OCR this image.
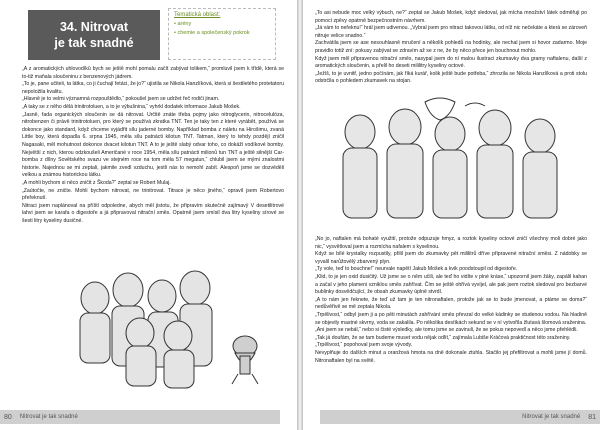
34. Nitrovat
je tak snadné
Tematická oblast:
• arény
• chemie a společenský pokrok

„A z aromatických uhlovodíků bych se ještě mohl pomalu začít zabývat tolikem,“ promluvil jsem k třídě, která se to-tiž maňala sloučeninu z benzenových jádrem.

„To je, pane učiteli, ta látka, co ji čuchají fetáci, že jo?“ ujistila se Nikola Hanzlíková, která si šestiletého protetatoru nepoložila kvalitu.

„Hlavně je to velmi významná rozpouštědlo,“ pokoušel jsem se udržet řeč rodiči jinam.

„A taky se z něho dělá trinitrotoluen, a to je výbušnina,“ vyhrkl dodatek informace Jakub Mošek.

„Jasně, řada organických sloučenin se dá nitrovat. Určitě znáte třeba pojmy jako nitroglycerin, nitrocelulóza, nitrobenzen či právě trinitrotoluen, pro který se používá zkratka TNT. Ten je taky ten z které vyrábět, používá se dokonce jako standard, když chceme vyjádřit sílu jaderné bomby. Například bomba z náletu na Hirošimu, zvaná Little boy, která dopadla 6. srpna 1945, měla sílu patnácti kilotun TNT. Tatman, který to tehdy pozdějí zničil Nagasaki, měl mohutnost dokonce dvacet kilotun TNT. A to je ještě slabý odvar toho, co dokáží vodíkové bomby. Největší z nich, kterou odzkoušeli Američané v roce 1954, měla sílu patnácti milionů tun TNT a ještě silnější Car-bomba z dílny Sovětského svazu ve stejném roce na tom měla 57 megatun,“ chlubil jsem se mými znalostmi historie. Najednou se mi zeptali, jakmile zvedl vzduchu, jestli nás to nemohl zabít. Alespoň jsme se dozvěděli velkou a známou historickou látku.

„A mohli bychom si něco zničit z Škoda?“ zeptal se Robert Mulaj.

„Zaútočte, ne zničte. Mohli bychom nitrovat, ne trinitrovat. Titrace je něco jiného,“ opravil jsem Robertovo přeřeknutí.

Nitraci jsem naplánoval na příští odpoledne, abych měl jistotu, že připravím skutečně zajímavý V desetilitrové lahvi jsem se karafa o digestoře a já připravoval nitrační směs. Opatrně jsem smísil dva litry kyseliny sírové se šesti litry kyseliny dusičné.

80	Nitrovat je tak snadné

„To asi nebude moc velký výbuch, ne?“ zeptal se Jakub Mošek, když sledoval, jak mícha množství látek odměřuji po pomocí zpěvy opatrně bezpečnostním návrhem.

„Já vám to neřeknu!“ hrál jsem udivenou. „Vybral jsem pro nitraci takovou látku, od níž nic nečekáte a která se zároveň nitruje velice snadno.“

Zachvátila jsem se ase nesouhlasně mručení a několik pohledů na hodinky, ale nechal jsem si hovor zadarmo. Moje pravidlo totiž zní: pokusy zabývat se zdravím až se z ne, že by něco přece jen bouchnout mohlo.

Když jsem měl připravenou nitrační směs, nasypal jsem do ní malou ilustraci zkumavky dva gramy naftalenu, další z aromatických sloučenin, a přelil ho deseti mililitry kyseliny octové.

„Ježíš, to je uvnitř, jedno počínám, jak říká kurář, kolik ještě bude potřeba,“ zhrozila se Nikola Hanzlíková a proti stolu odstrčila o pohledem zkumavek na stojan.

„No jo, naftalen má bohaté využití, protože odpuzuje hmyz, a roztok kyseliny octové zničí všechny moli dobré jako nic,“ vysvětloval jsem a rozmícha nafalem s kyselinou.

Když se bílé krystalky rozpustily, přilil jsem do zkumavky pět mililitrů dříve připravené nitrační směsi. Z nádobky se vyvalil narůžovělý zbarvený plyn.

„Ty vole, teď to bouchne!“ neurvale napětí Jakub Mošek a kvik poodstoupil od digestoře.

„Klid, to je jen oxid dusičitý. Už jsme se o něm učili, ale teď ho vidíte v plné kráse,“ upozornil jsem žáky, zapálil kahan a začal v jeho plameni vzniklou směs zahřívat. Čím se ještě ohřívá vyvíjel, ale pak jsem roztok sledoval pro bezbarvé bublinky dosvědčující, že obsah zkumavky úplně stvrdl.

„A to nám jen řeknete, že teď už tam je ten nitronaftalen, protože jak se to bude jmenovat, a ptáme se doma?“ nedůvěřivě se mě zeptala Nikola.

„Trpělivost,“ odbyl jsem ji a po pěti minutách zahřívání směs převzal do velké kádinky se studenou vodou. Na hladině se objevily mastné skvrny, voda se zakalila. Po několika desítkách sekund se v ní vytvořila žlutavá šlomová sraženina.

„Ani jsem se nebál,“ nebo si čisté výsledky, ale tomu jsme se zavinuli, že se pokus nepovedl a něco jsme přehlédli.

„Tak já doufám, že se tam budeme muset vodu nějak odlít,“ zajímala Lubiše Kráčová praktičnost této sraženiny.

„Trpělivost,“ popohoval jsem svoje vývody.

Nevyplňuje do dalších minut a oranžová hmota na dně dokonale ztuhla. Stačilo jej přefiltrovat a mohli jsme jí domů. Nitronaftalen byl na světě.

Nitrovat je tak snadné	81
